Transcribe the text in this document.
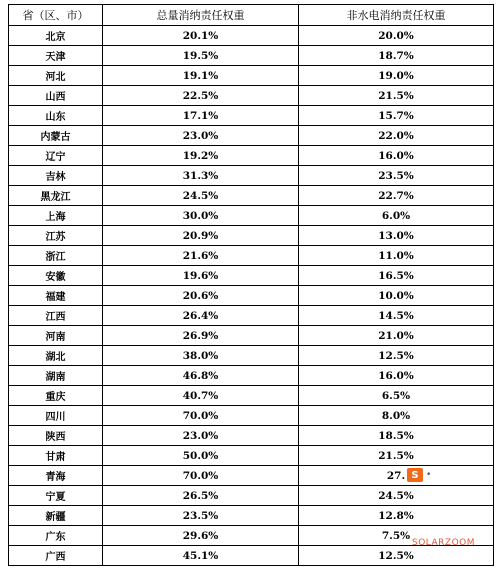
省（区、市）	总量消纳责任权重	非水电消纳责任权重
北京	20.1%	20.0%
天津	19.5%	18.7%
河北	19.1%	19.0%
山西	22.5%	21.5%
山东	17.1%	15.7%
内蒙古	23.0%	22.0%
辽宁	19.2%	16.0%
吉林	31.3%	23.5%
黑龙江	24.5%	22.7%
上海	30.0%	6.0%
江苏	20.9%	13.0%
浙江	21.6%	11.0%
安徽	19.6%	16.5%
福建	20.6%	10.0%
江西	26.4%	14.5%
河南	26.9%	21.0%
湖北	38.0%	12.5%
湖南	46.8%	16.0%
重庆	40.7%	6.5%
四川	70.0%	8.0%
陕西	23.0%	18.5%
甘肃	50.0%	21.5%
青海	70.0%	27.
宁夏	26.5%	24.5%
新疆	23.5%	12.8%
广东	29.6%	7.5%
广西	45.1%	12.5%
S •
SOLARZOOM
